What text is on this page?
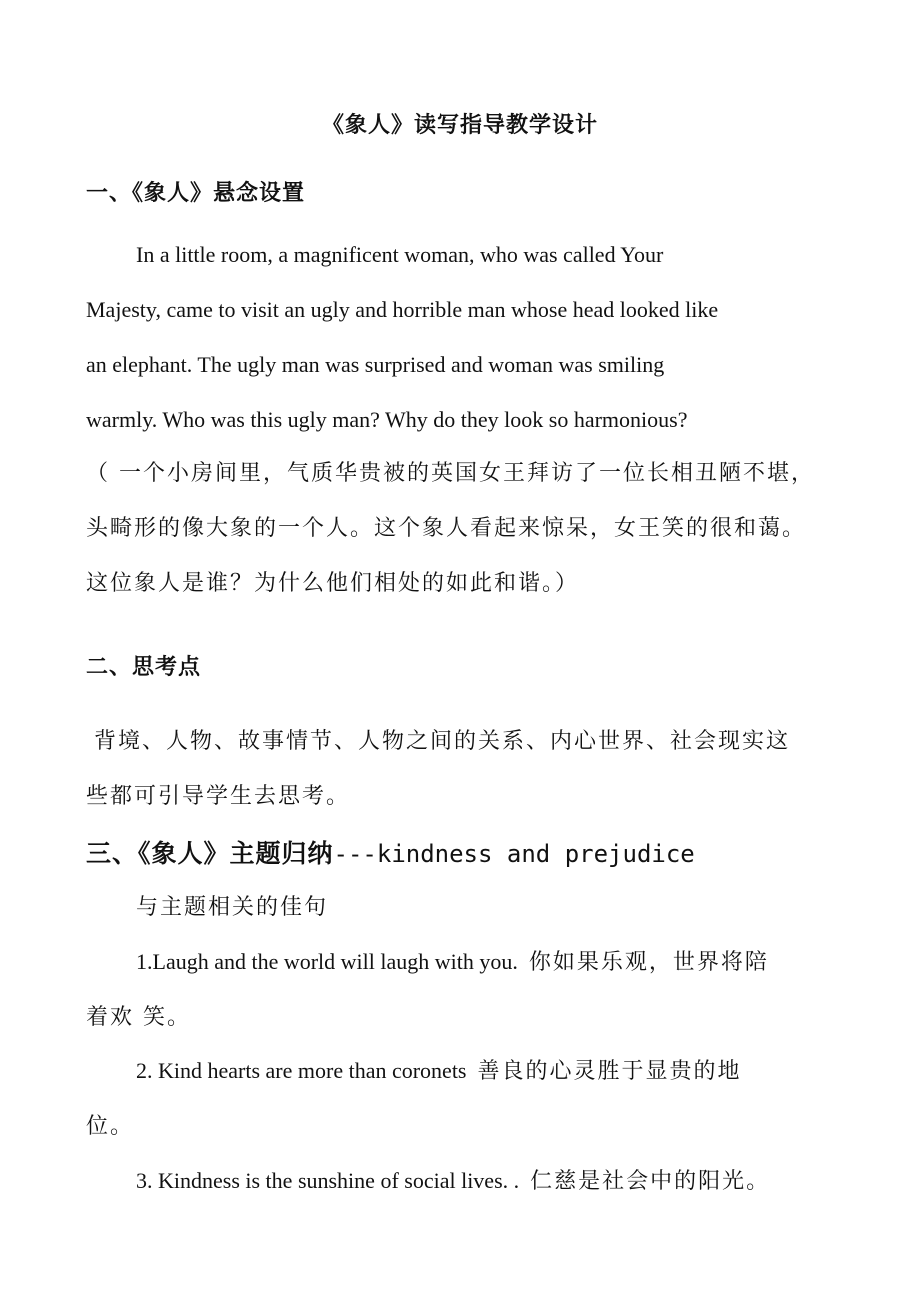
《象人》读写指导教学设计
一、《象人》悬念设置
In a little room, a magnificent woman, who was called Your
Majesty, came to visit an ugly and horrible man whose head looked like
an elephant. The ugly man was surprised and woman was smiling
warmly. Who was this ugly man? Why do they look so harmonious?
（ 一个小房间里，气质华贵被的英国女王拜访了一位长相丑陋不堪，
头畸形的像大象的一个人。这个象人看起来惊呆，女王笑的很和蔼。
这位象人是谁？为什么他们相处的如此和谐。）
二、思考点
背境、人物、故事情节、人物之间的关系、内心世界、社会现实这
些都可引导学生去思考。
三、《象人》主题归纳---kindness and prejudice
与主题相关的佳句
1.Laugh and the world will laugh with you. 你如果乐观，世界将陪
着欢 笑。
2. Kind hearts are more than coronets 善良的心灵胜于显贵的地
位。
3. Kindness is the sunshine of social lives. . 仁慈是社会中的阳光。
